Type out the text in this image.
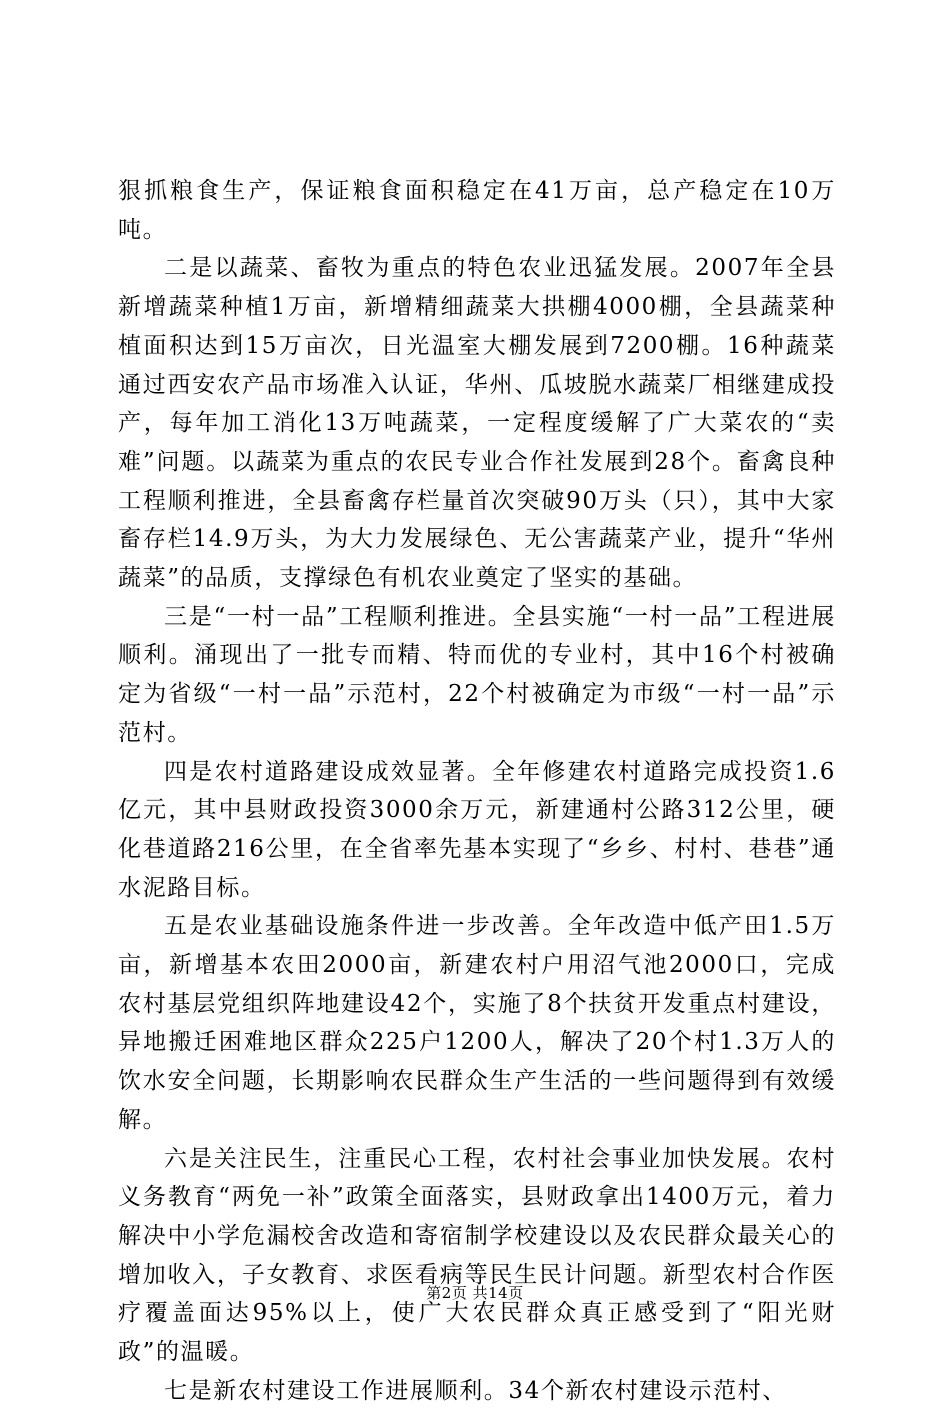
狠抓粮食生产，保证粮食面积稳定在41万亩，总产稳定在10万吨。

二是以蔬菜、畜牧为重点的特色农业迅猛发展。2007年全县新增蔬菜种植1万亩，新增精细蔬菜大拱棚4000棚，全县蔬菜种植面积达到15万亩次，日光温室大棚发展到7200棚。16种蔬菜通过西安农产品市场准入认证，华州、瓜坡脱水蔬菜厂相继建成投产，每年加工消化13万吨蔬菜，一定程度缓解了广大菜农的“卖难”问题。以蔬菜为重点的农民专业合作社发展到28个。畜禽良种工程顺利推进，全县畜禽存栏量首次突破90万头（只），其中大家畜存栏14.9万头，为大力发展绿色、无公害蔬菜产业，提升“华州蔬菜”的品质，支撑绿色有机农业奠定了坚实的基础。

三是“一村一品”工程顺利推进。全县实施“一村一品”工程进展顺利。涌现出了一批专而精、特而优的专业村，其中16个村被确定为省级“一村一品”示范村，22个村被确定为市级“一村一品”示范村。

四是农村道路建设成效显著。全年修建农村道路完成投资1.6亿元，其中县财政投资3000余万元，新建通村公路312公里，硬化巷道路216公里，在全省率先基本实现了“乡乡、村村、巷巷”通水泥路目标。

五是农业基础设施条件进一步改善。全年改造中低产田1.5万亩，新增基本农田2000亩，新建农村户用沼气池2000口，完成农村基层党组织阵地建设42个，实施了8个扶贫开发重点村建设，异地搬迁困难地区群众225户1200人，解决了20个村1.3万人的饮水安全问题，长期影响农民群众生产生活的一些问题得到有效缓解。

六是关注民生，注重民心工程，农村社会事业加快发展。农村义务教育“两免一补”政策全面落实，县财政拿出1400万元，着力解决中小学危漏校舍改造和寄宿制学校建设以及农民群众最关心的增加收入，子女教育、求医看病等民生民计问题。新型农村合作医疗覆盖面达95%以上，使广大农民群众真正感受到了“阳光财政”的温暖。

七是新农村建设工作进展顺利。34个新农村建设示范村、

第2页 共14页
